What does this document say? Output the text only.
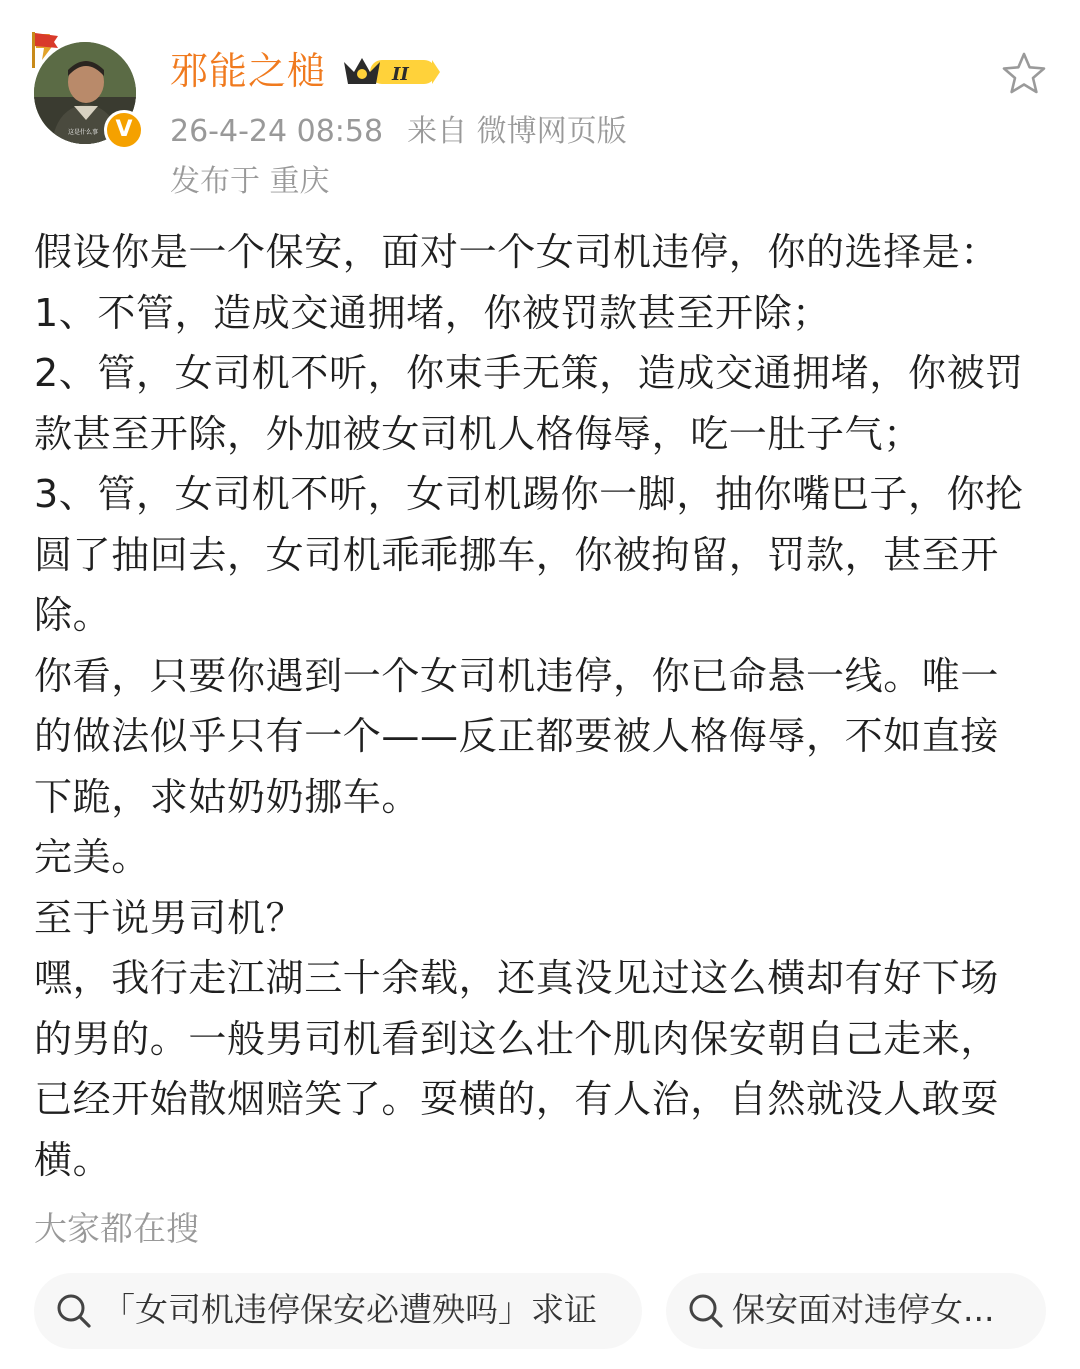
这是什么事 V
邪能之槌	II
26-4-24 08:58 来自 微博网页版
发布于 重庆

假设你是一个保安，面对一个女司机违停，你的选择是：

1、不管，造成交通拥堵，你被罚款甚至开除；

2、管，女司机不听，你束手无策，造成交通拥堵，你被罚款甚至开除，外加被女司机人格侮辱，吃一肚子气；

3、管，女司机不听，女司机踢你一脚，抽你嘴巴子，你抡圆了抽回去，女司机乖乖挪车，你被拘留，罚款，甚至开除。

你看，只要你遇到一个女司机违停，你已命悬一线。唯一的做法似乎只有一个——反正都要被人格侮辱，不如直接下跪，求姑奶奶挪车。

完美。

至于说男司机？

嘿，我行走江湖三十余载，还真没见过这么横却有好下场的男的。一般男司机看到这么壮个肌肉保安朝自己走来，已经开始散烟赔笑了。耍横的，有人治，自然就没人敢耍横。

大家都在搜
「女司机违停保安必遭殃吗」求证	保安面对违停女...
